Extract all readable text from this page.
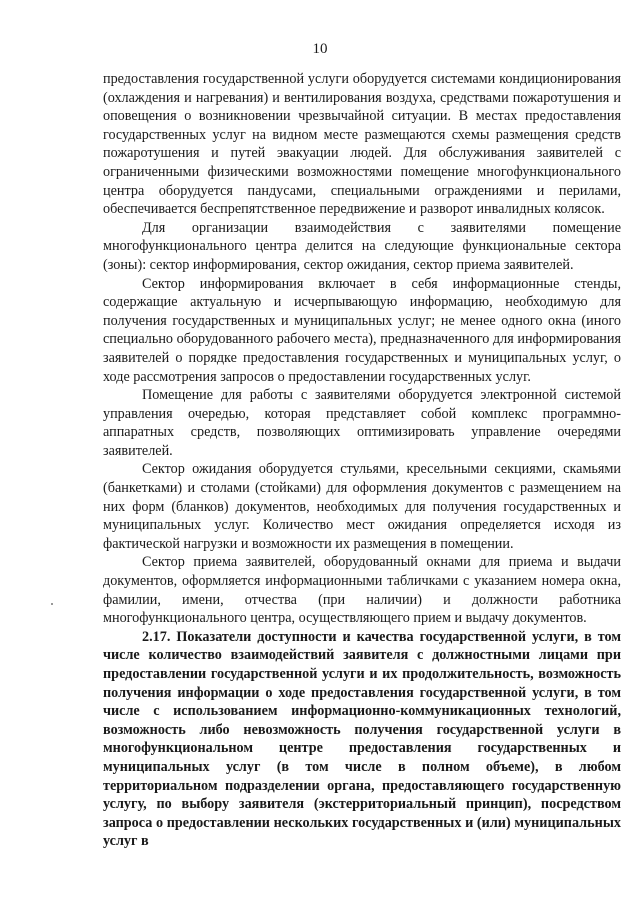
10

предоставления государственной услуги оборудуется системами кондиционирования (охлаждения и нагревания) и вентилирования воздуха, средствами пожаротушения и оповещения о возникновении чрезвычайной ситуации. В местах предоставления государственных услуг на видном месте размещаются схемы размещения средств пожаротушения и путей эвакуации людей. Для обслуживания заявителей с ограниченными физическими возможностями помещение многофункционального центра оборудуется пандусами, специальными ограждениями и перилами, обеспечивается беспрепятственное передвижение и разворот инвалидных колясок.

Для организации взаимодействия с заявителями помещение многофункционального центра делится на следующие функциональные сектора (зоны): сектор информирования, сектор ожидания, сектор приема заявителей.

Сектор информирования включает в себя информационные стенды, содержащие актуальную и исчерпывающую информацию, необходимую для получения государственных и муниципальных услуг; не менее одного окна (иного специально оборудованного рабочего места), предназначенного для информирования заявителей о порядке предоставления государственных и муниципальных услуг, о ходе рассмотрения запросов о предоставлении государственных услуг.

Помещение для работы с заявителями оборудуется электронной системой управления очередью, которая представляет собой комплекс программно-аппаратных средств, позволяющих оптимизировать управление очередями заявителей.

Сектор ожидания оборудуется стульями, кресельными секциями, скамьями (банкетками) и столами (стойками) для оформления документов с размещением на них форм (бланков) документов, необходимых для получения государственных и муниципальных услуг. Количество мест ожидания определяется исходя из фактической нагрузки и возможности их размещения в помещении.

Сектор приема заявителей, оборудованный окнами для приема и выдачи документов, оформляется информационными табличками с указанием номера окна, фамилии, имени, отчества (при наличии) и должности работника многофункционального центра, осуществляющего прием и выдачу документов.

2.17. Показатели доступности и качества государственной услуги, в том числе количество взаимодействий заявителя с должностными лицами при предоставлении государственной услуги и их продолжительность, возможность получения информации о ходе предоставления государственной услуги, в том числе с использованием информационно-коммуникационных технологий, возможность либо невозможность получения государственной услуги в многофункциональном центре предоставления государственных и муниципальных услуг (в том числе в полном объеме), в любом территориальном подразделении органа, предоставляющего государственную услугу, по выбору заявителя (экстерриториальный принцип), посредством запроса о предоставлении нескольких государственных и (или) муниципальных услуг в
